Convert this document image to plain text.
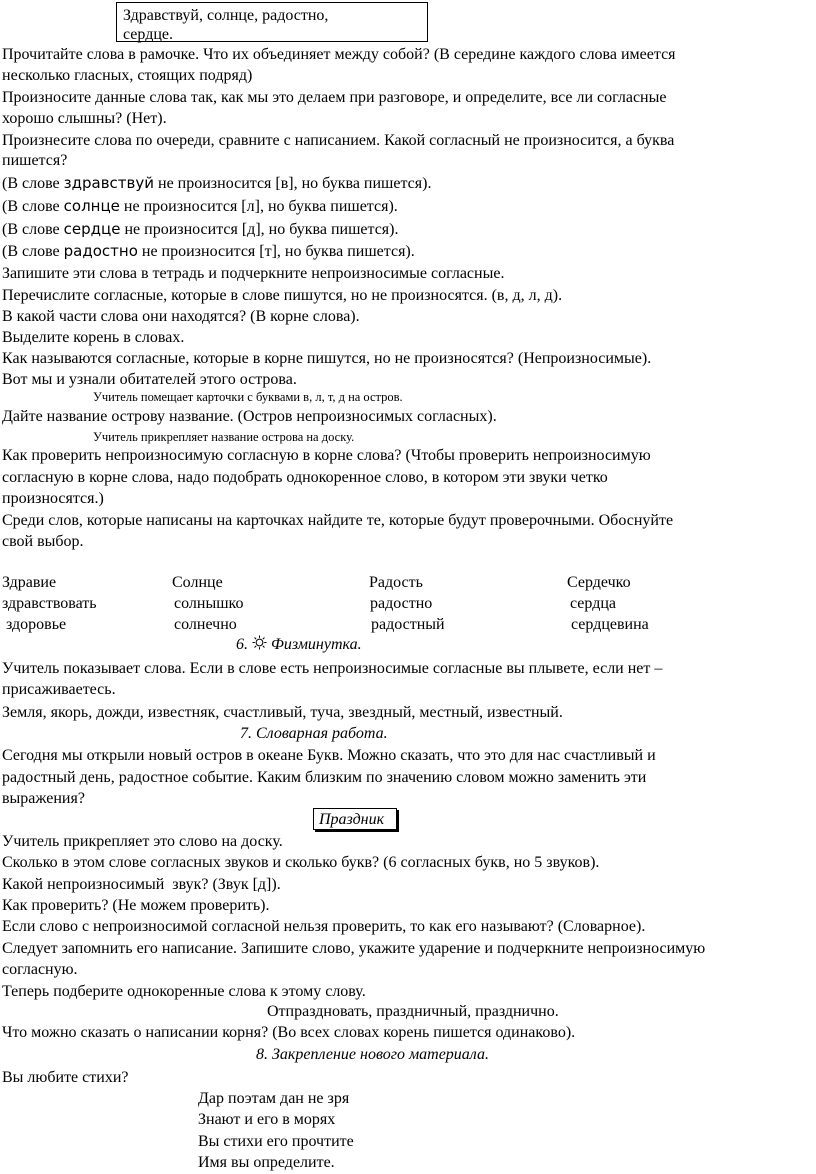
Здравствуй, солнце, радостно,
сердце.
Прочитайте слова в рамочке. Что их объединяет между собой? (В середине каждого слова имеется
несколько гласных, стоящих подряд)
Произносите данные слова так, как мы это делаем при разговоре, и определите, все ли согласные
хорошо слышны? (Нет).
Произнесите слова по очереди, сравните с написанием. Какой согласный не произносится, а буква
пишется?
(В слове здравствуй не произносится [в], но буква пишется).
(В слове солнце не произносится [л], но буква пишется).
(В слове сердце не произносится [д], но буква пишется).
(В слове радостно не произносится [т], но буква пишется).
Запишите эти слова в тетрадь и подчеркните непроизносимые согласные.
Перечислите согласные, которые в слове пишутся, но не произносятся. (в, д, л, д).
В какой части слова они находятся? (В корне слова).
Выделите корень в словах.
Как называются согласные, которые в корне пишутся, но не произносятся? (Непроизносимые).
Вот мы и узнали обитателей этого острова.
Учитель помещает карточки с буквами в, л, т, д на остров.
Дайте название острову название. (Остров непроизносимых согласных).
Учитель прикрепляет название острова на доску.
Как проверить непроизносимую согласную в корне слова? (Чтобы проверить непроизносимую
согласную в корне слова, надо подобрать однокоренное слово, в котором эти звуки четко
произносятся.)
Среди слов, которые написаны на карточках найдите те, которые будут проверочными. Обоснуйте
свой выбор.
Здравие	Солнце	Радость	Сердечко
здравствовать	солнышко	радостно	сердца
здоровье	солнечно	радостный	сердцевина
6. Физминутка.
Учитель показывает слова. Если в слове есть непроизносимые согласные вы плывете, если нет –
присаживаетесь.
Земля, якорь, дожди, известняк, счастливый, туча, звездный, местный, известный.
7. Словарная работа.
Сегодня мы открыли новый остров в океане Букв. Можно сказать, что это для нас счастливый и
радостный день, радостное событие. Каким близким по значению словом можно заменить эти
выражения?
Праздник
Учитель прикрепляет это слово на доску.
Сколько в этом слове согласных звуков и сколько букв? (6 согласных букв, но 5 звуков).
Какой непроизносимый  звук? (Звук [д]).
Как проверить? (Не можем проверить).
Если слово с непроизносимой согласной нельзя проверить, то как его называют? (Словарное).
Следует запомнить его написание. Запишите слово, укажите ударение и подчеркните непроизносимую
согласную.
Теперь подберите однокоренные слова к этому слову.
Отпраздновать, праздничный, празднично.
Что можно сказать о написании корня? (Во всех словах корень пишется одинаково).
8. Закрепление нового материала.
Вы любите стихи?
Дар поэтам дан не зря
Знают и его в морях
Вы стихи его прочтите
Имя вы определите.
